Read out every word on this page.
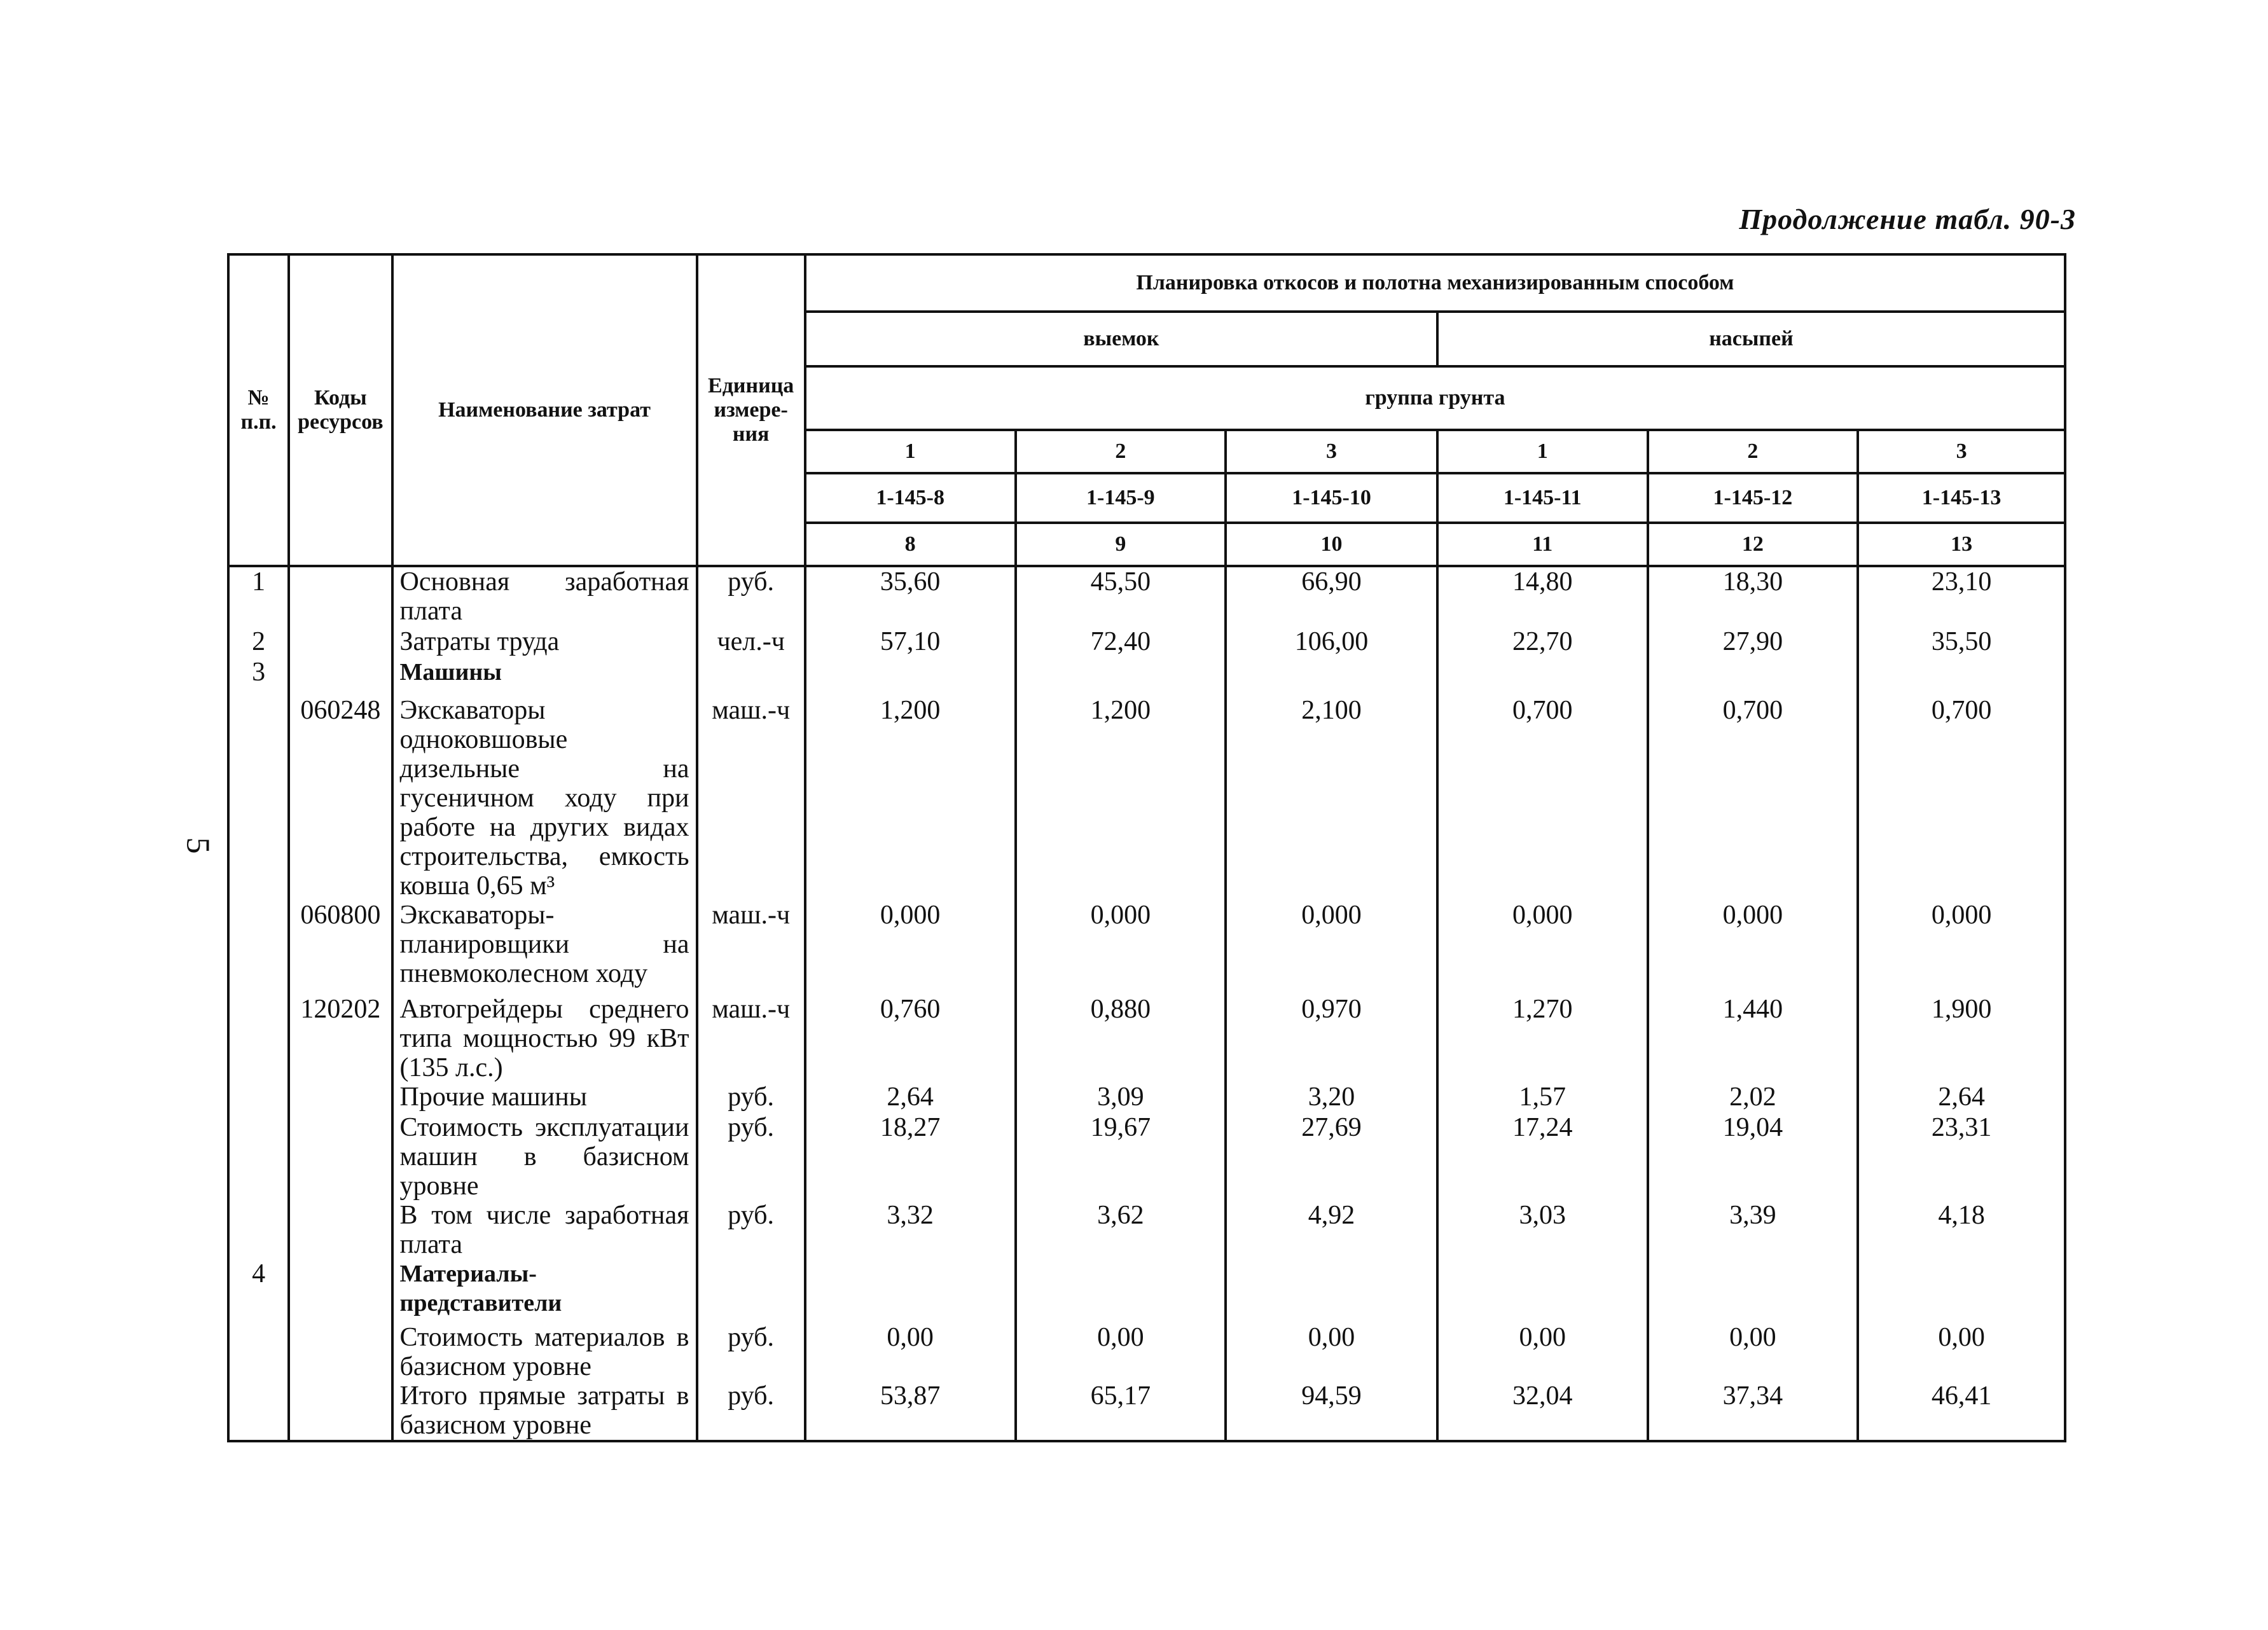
Продолжение табл. 90-3
5
№ п.п.	Коды ресурсов	Наименование затрат	Единица измере-ния	Планировка откосов и полотна механизированным способом					
				выемок			насыпей		
				группа грунта					
				1	2	3	1	2	3
				1-145-8	1-145-9	1-145-10	1-145-11	1-145-12	1-145-13
				8	9	10	11	12	13

1		Основная заработная плата	руб.	35,60	45,50	66,90	14,80	18,30	23,10
2		Затраты труда	чел.-ч	57,10	72,40	106,00	22,70	27,90	35,50
3		Машины							
	060248	Экскаваторы одноковшовые дизельные на гусеничном ходу при работе на других видах строительства, емкость ковша 0,65 м³	маш.-ч	1,200	1,200	2,100	0,700	0,700	0,700
	060800	Экскаваторы-планировщики на пневмоколесном ходу	маш.-ч	0,000	0,000	0,000	0,000	0,000	0,000
	120202	Автогрейдеры среднего типа мощностью 99 кВт (135 л.с.)	маш.-ч	0,760	0,880	0,970	1,270	1,440	1,900
		Прочие машины	руб.	2,64	3,09	3,20	1,57	2,02	2,64
		Стоимость эксплуатации машин в базисном уровне	руб.	18,27	19,67	27,69	17,24	19,04	23,31
		В том числе заработная плата	руб.	3,32	3,62	4,92	3,03	3,39	4,18
4		Материалы-представители							
		Стоимость материалов в базисном уровне	руб.	0,00	0,00	0,00	0,00	0,00	0,00
		Итого прямые затраты в базисном уровне	руб.	53,87	65,17	94,59	32,04	37,34	46,41
